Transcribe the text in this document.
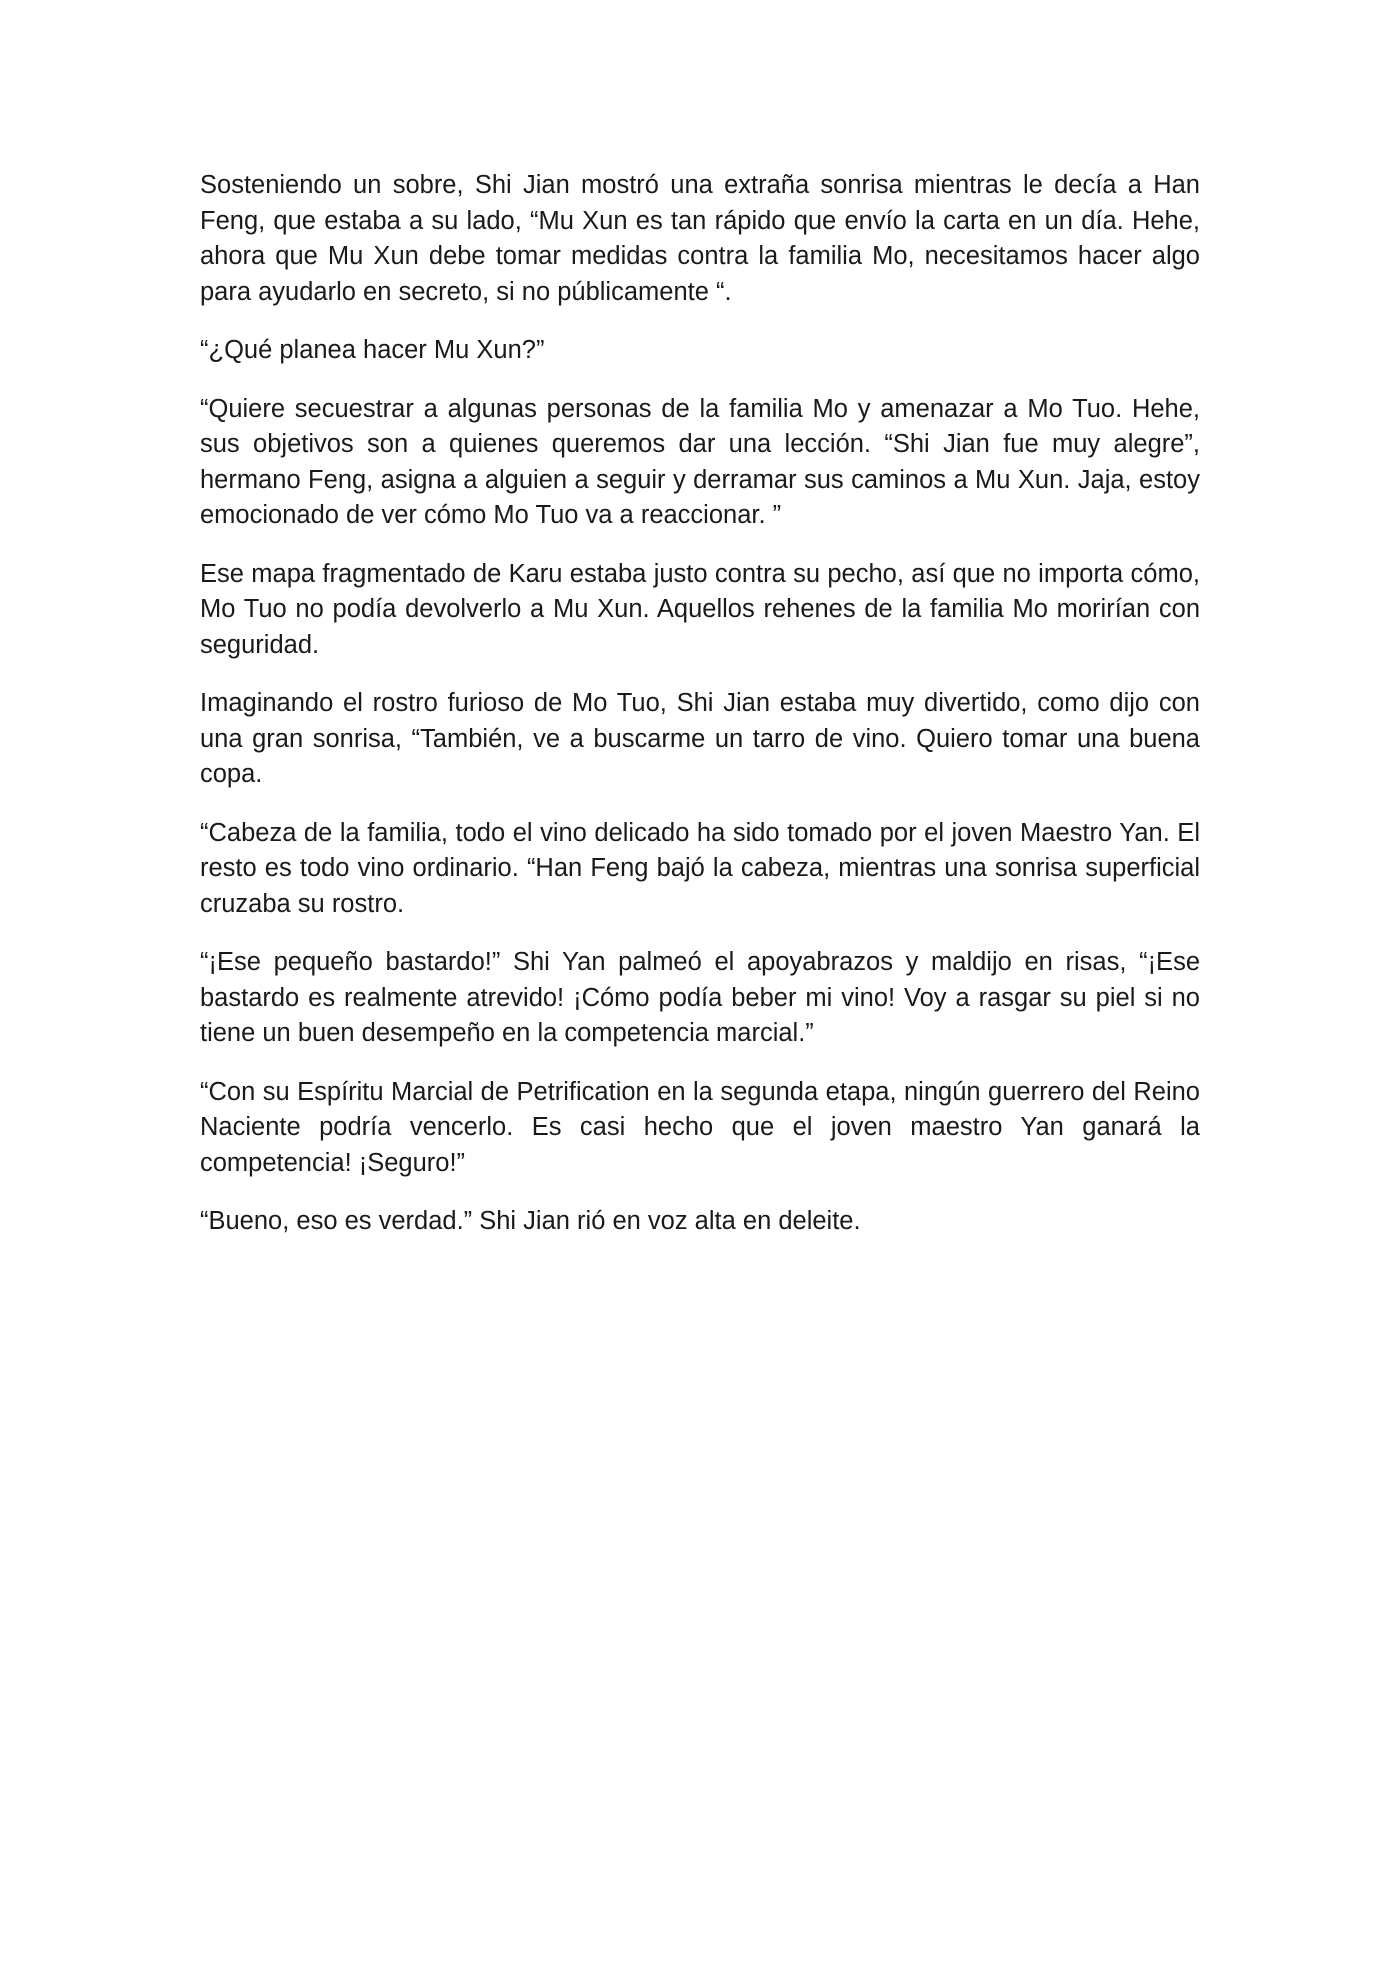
Sosteniendo un sobre, Shi Jian mostró una extraña sonrisa mientras le decía a Han Feng, que estaba a su lado, “Mu Xun es tan rápido que envío la carta en un día. Hehe, ahora que Mu Xun debe tomar medidas contra la familia Mo, necesitamos hacer algo para ayudarlo en secreto, si no públicamente “.

“¿Qué planea hacer Mu Xun?”

“Quiere secuestrar a algunas personas de la familia Mo y amenazar a Mo Tuo. Hehe, sus objetivos son a quienes queremos dar una lección. “Shi Jian fue muy alegre”, hermano Feng, asigna a alguien a seguir y derramar sus caminos a Mu Xun. Jaja, estoy emocionado de ver cómo Mo Tuo va a reaccionar. ”

Ese mapa fragmentado de Karu estaba justo contra su pecho, así que no importa cómo, Mo Tuo no podía devolverlo a Mu Xun. Aquellos rehenes de la familia Mo morirían con seguridad.

Imaginando el rostro furioso de Mo Tuo, Shi Jian estaba muy divertido, como dijo con una gran sonrisa, “También, ve a buscarme un tarro de vino. Quiero tomar una buena copa.

“Cabeza de la familia, todo el vino delicado ha sido tomado por el joven Maestro Yan. El resto es todo vino ordinario. “Han Feng bajó la cabeza, mientras una sonrisa superficial cruzaba su rostro.

“¡Ese pequeño bastardo!” Shi Yan palmeó el apoyabrazos y maldijo en risas, “¡Ese bastardo es realmente atrevido! ¡Cómo podía beber mi vino! Voy a rasgar su piel si no tiene un buen desempeño en la competencia marcial.”

“Con su Espíritu Marcial de Petrification en la segunda etapa, ningún guerrero del Reino Naciente podría vencerlo. Es casi hecho que el joven maestro Yan ganará la competencia! ¡Seguro!”

“Bueno, eso es verdad.” Shi Jian rió en voz alta en deleite.
